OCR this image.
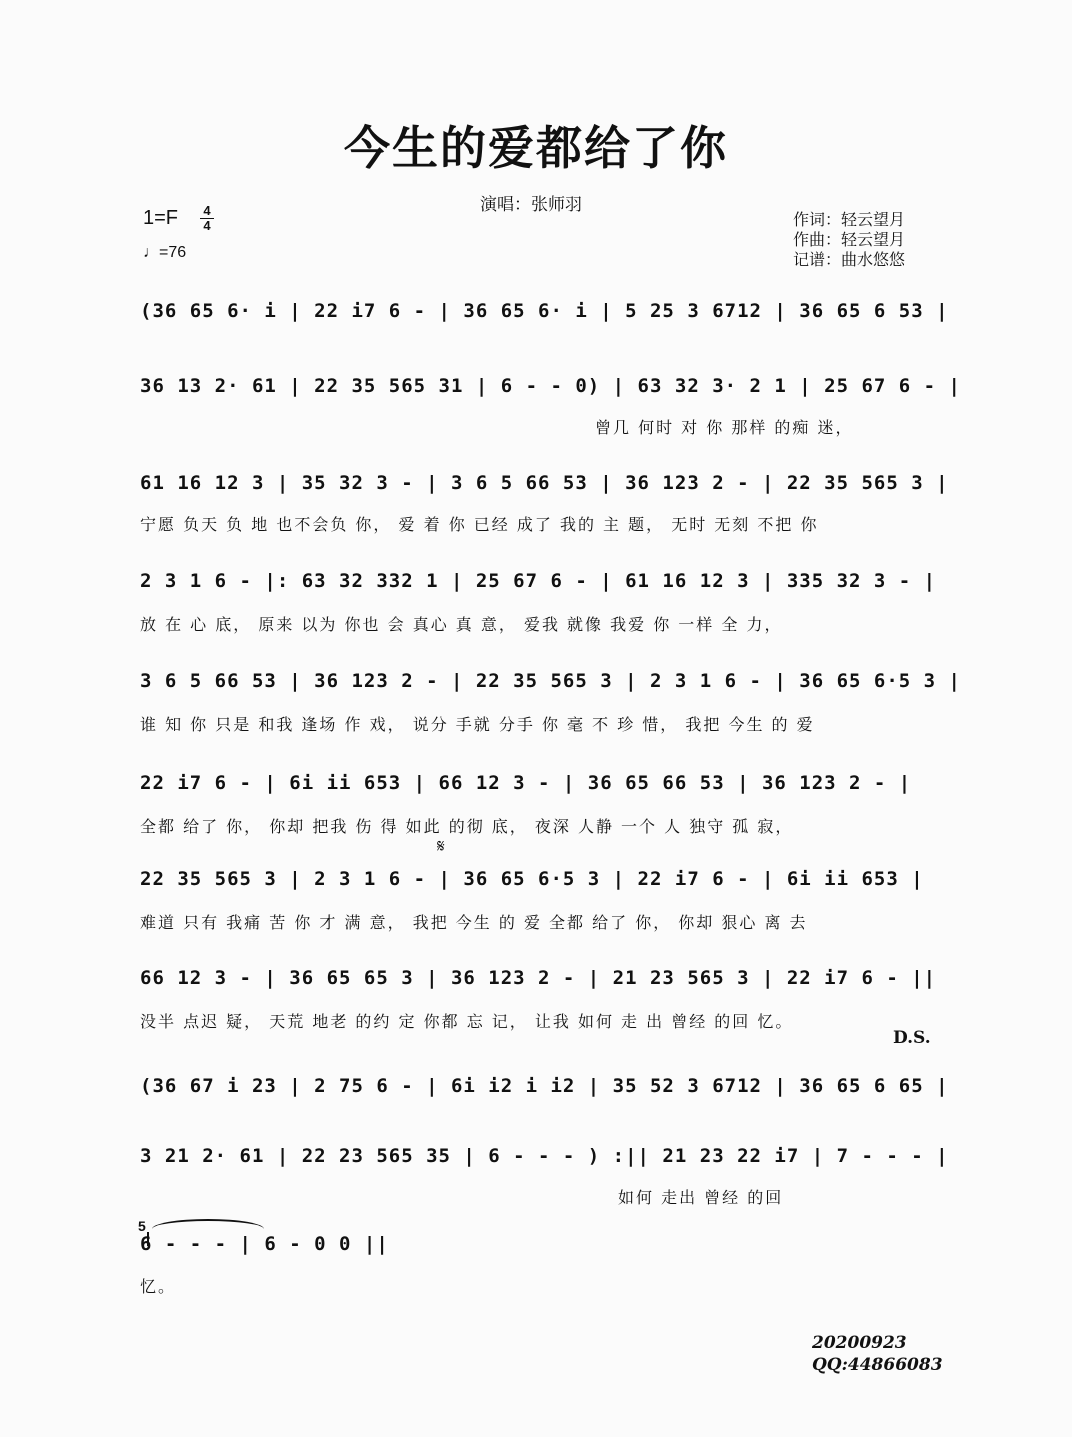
今生的爱都给了你
演唱：张师羽
1=F 4
4
♩=76
作词：轻云望月
作曲：轻云望月
记谱：曲水悠悠
(36 65 6· i | 22 i7 6 - | 36 65 6· i | 5 25 3 6712 | 36 65 6 53 |
36 13 2· 61 | 22 35 565 31 | 6 - - 0) | 63 32 3· 2 1 | 25 67 6 - |
曾几 何时 对 你 那样 的痴 迷，
61 16 12 3 | 35 32 3 - | 3 6 5 66 53 | 36 123 2 - | 22 35 565 3 |
宁愿 负天 负 地 也不会负 你， 爱 着 你 已经 成了 我的 主 题， 无时 无刻 不把 你
2 3 1 6 - |: 63 32 332 1 | 25 67 6 - | 61 16 12 3 | 335 32 3 - |
放 在 心 底， 原来 以为 你也 会 真心 真 意， 爱我 就像 我爱 你 一样 全 力，
3 6 5 66 53 | 36 123 2 - | 22 35 565 3 | 2 3 1 6 - | 36 65 6·5 3 |
谁 知 你 只是 和我 逢场 作 戏， 说分 手就 分手 你 毫 不 珍 惜， 我把 今生 的 爱
22 i7 6 - | 6i ii 653 | 66 12 3 - | 36 65 66 53 | 36 123 2 - |
全都 给了 你， 你却 把我 伤 得 如此 的彻 底， 夜深 人静 一个 人 独守 孤 寂，
𝄋
22 35 565 3 | 2 3 1 6 - | 36 65 6·5 3 | 22 i7 6 - | 6i ii 653 |
难道 只有 我痛 苦 你 才 满 意， 我把 今生 的 爱 全都 给了 你， 你却 狠心 离 去
66 12 3 - | 36 65 65 3 | 36 123 2 - | 21 23 565 3 | 22 i7 6 - ||
没半 点迟 疑， 天荒 地老 的约 定 你都 忘 记， 让我 如何 走 出 曾经 的回 忆。
D.S.
(36 67 i 23 | 2 75 6 - | 6i i2 i i2 | 35 52 3 6712 | 36 65 6 65 |
3 21 2· 61 | 22 23 565 35 | 6 - - - ) :|| 21 23 22 i7 | 7 - - - |
如何 走出 曾经 的回
5
6 - - - | 6 - 0 0 ||
忆。
20200923
QQ:44866083
